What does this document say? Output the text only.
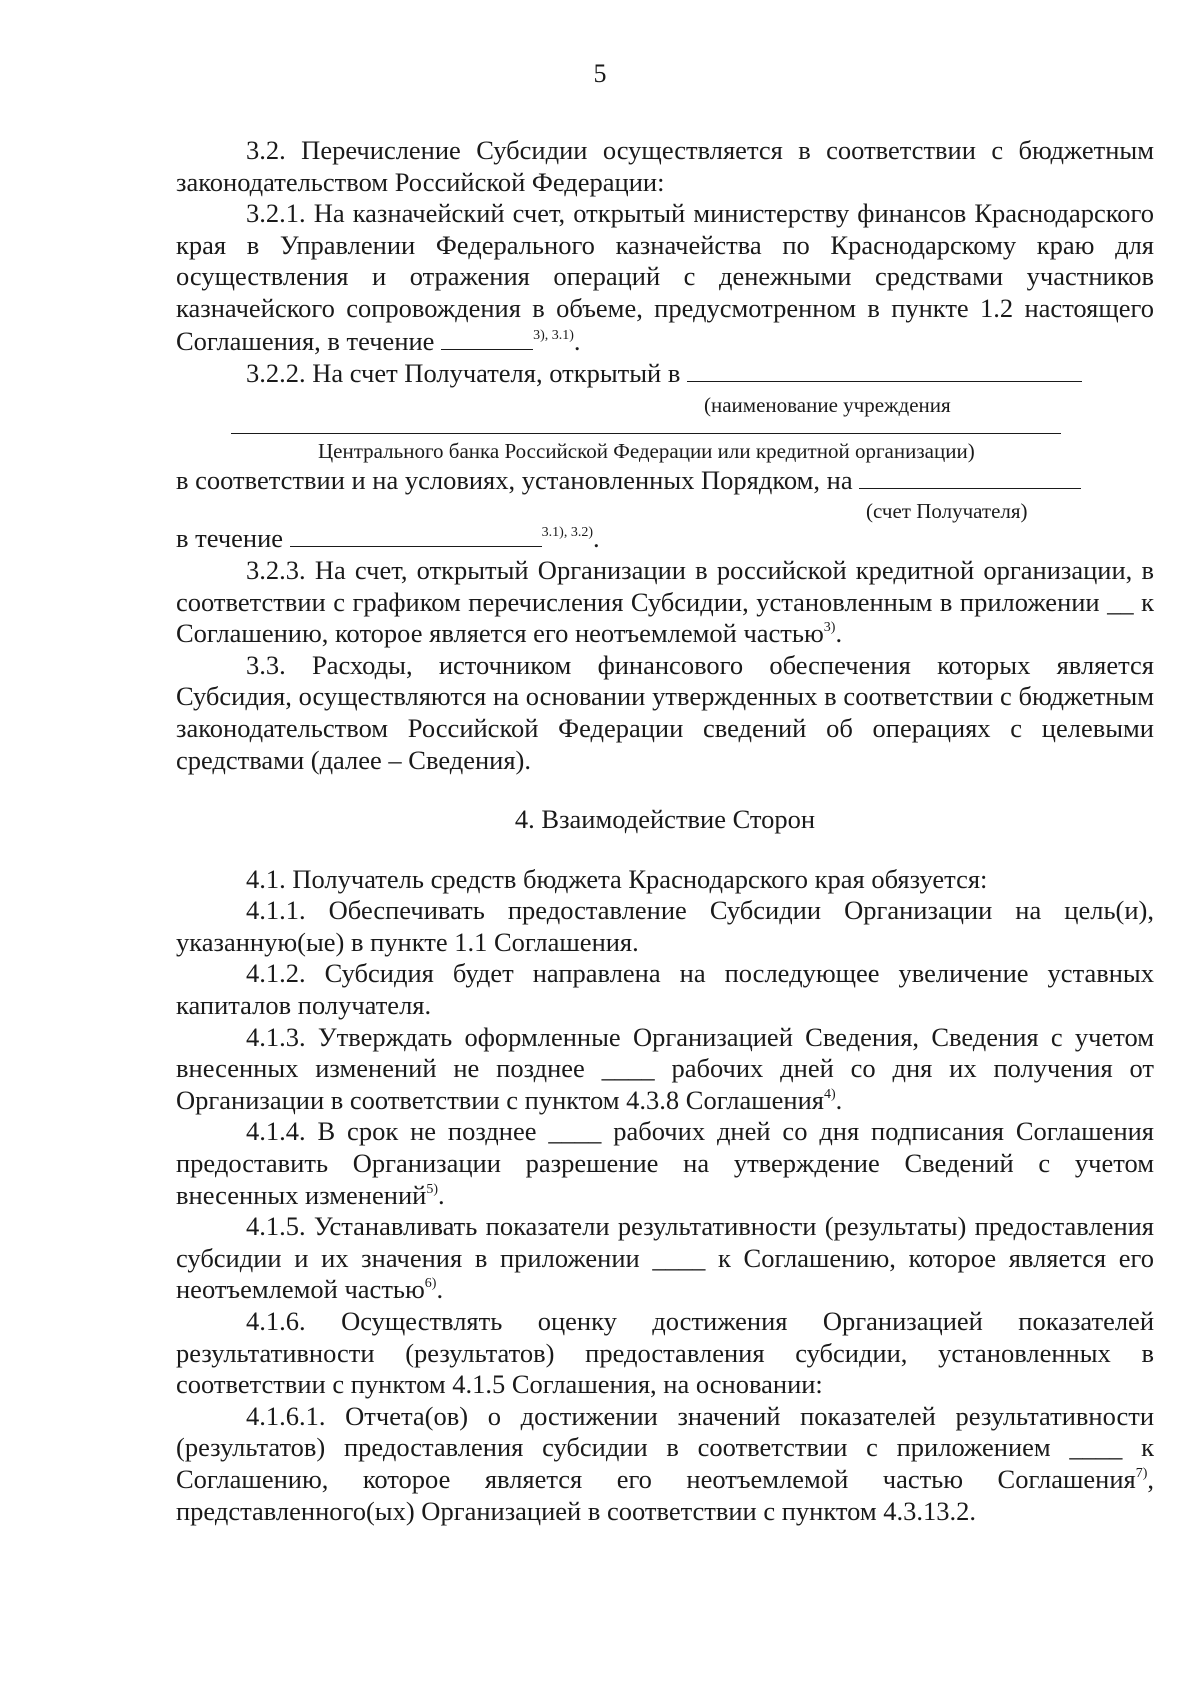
5

3.2. Перечисление Субсидии осуществляется в соответствии с бюджетным законодательством Российской Федерации:

3.2.1. На казначейский счет, открытый министерству финансов Краснодарского края в Управлении Федерального казначейства по Краснодарскому краю для осуществления и отражения операций с денежными средствами участников казначейского сопровождения в объеме, предусмотренном в пункте 1.2 настоящего Соглашения, в течение	$^{3), 3.1)}$.

3.2.2. На счет Получателя, открытый в

(наименование учреждения
Центрального банка Российской Федерации или кредитной организации)

в соответствии и на условиях, установленных Порядком, на

(счет Получателя)

в течение	$^{3.1), 3.2)}$.

3.2.3. На счет, открытый Организации в российской кредитной организации, в соответствии с графиком перечисления Субсидии, установленным в приложении __ к Соглашению, которое является его неотъемлемой частью$^{3)}$.

3.3. Расходы, источником финансового обеспечения которых является Субсидия, осуществляются на основании утвержденных в соответствии с бюджетным законодательством Российской Федерации сведений об операциях с целевыми средствами (далее – Сведения).

4. Взаимодействие Сторон

4.1. Получатель средств бюджета Краснодарского края обязуется:

4.1.1. Обеспечивать предоставление Субсидии Организации на цель(и), указанную(ые) в пункте 1.1 Соглашения.

4.1.2. Субсидия будет направлена на последующее увеличение уставных капиталов получателя.

4.1.3. Утверждать оформленные Организацией Сведения, Сведения с учетом внесенных изменений не позднее ____ рабочих дней со дня их получения от Организации в соответствии с пунктом 4.3.8 Соглашения$^{4)}$.

4.1.4. В срок не позднее ____ рабочих дней со дня подписания Соглашения предоставить Организации разрешение на утверждение Сведений с учетом внесенных изменений$^{5)}$.

4.1.5. Устанавливать показатели результативности (результаты) предоставления субсидии и их значения в приложении ____ к Соглашению, которое является его неотъемлемой частью$^{6)}$.

4.1.6. Осуществлять оценку достижения Организацией показателей результативности (результатов) предоставления субсидии, установленных в соответствии с пунктом 4.1.5 Соглашения, на основании:

4.1.6.1. Отчета(ов) о достижении значений показателей результативности (результатов) предоставления субсидии в соответствии с приложением ____ к Соглашению, которое является его неотъемлемой частью Соглашения$^{7)}$, представленного(ых) Организацией в соответствии с пунктом 4.3.13.2.
